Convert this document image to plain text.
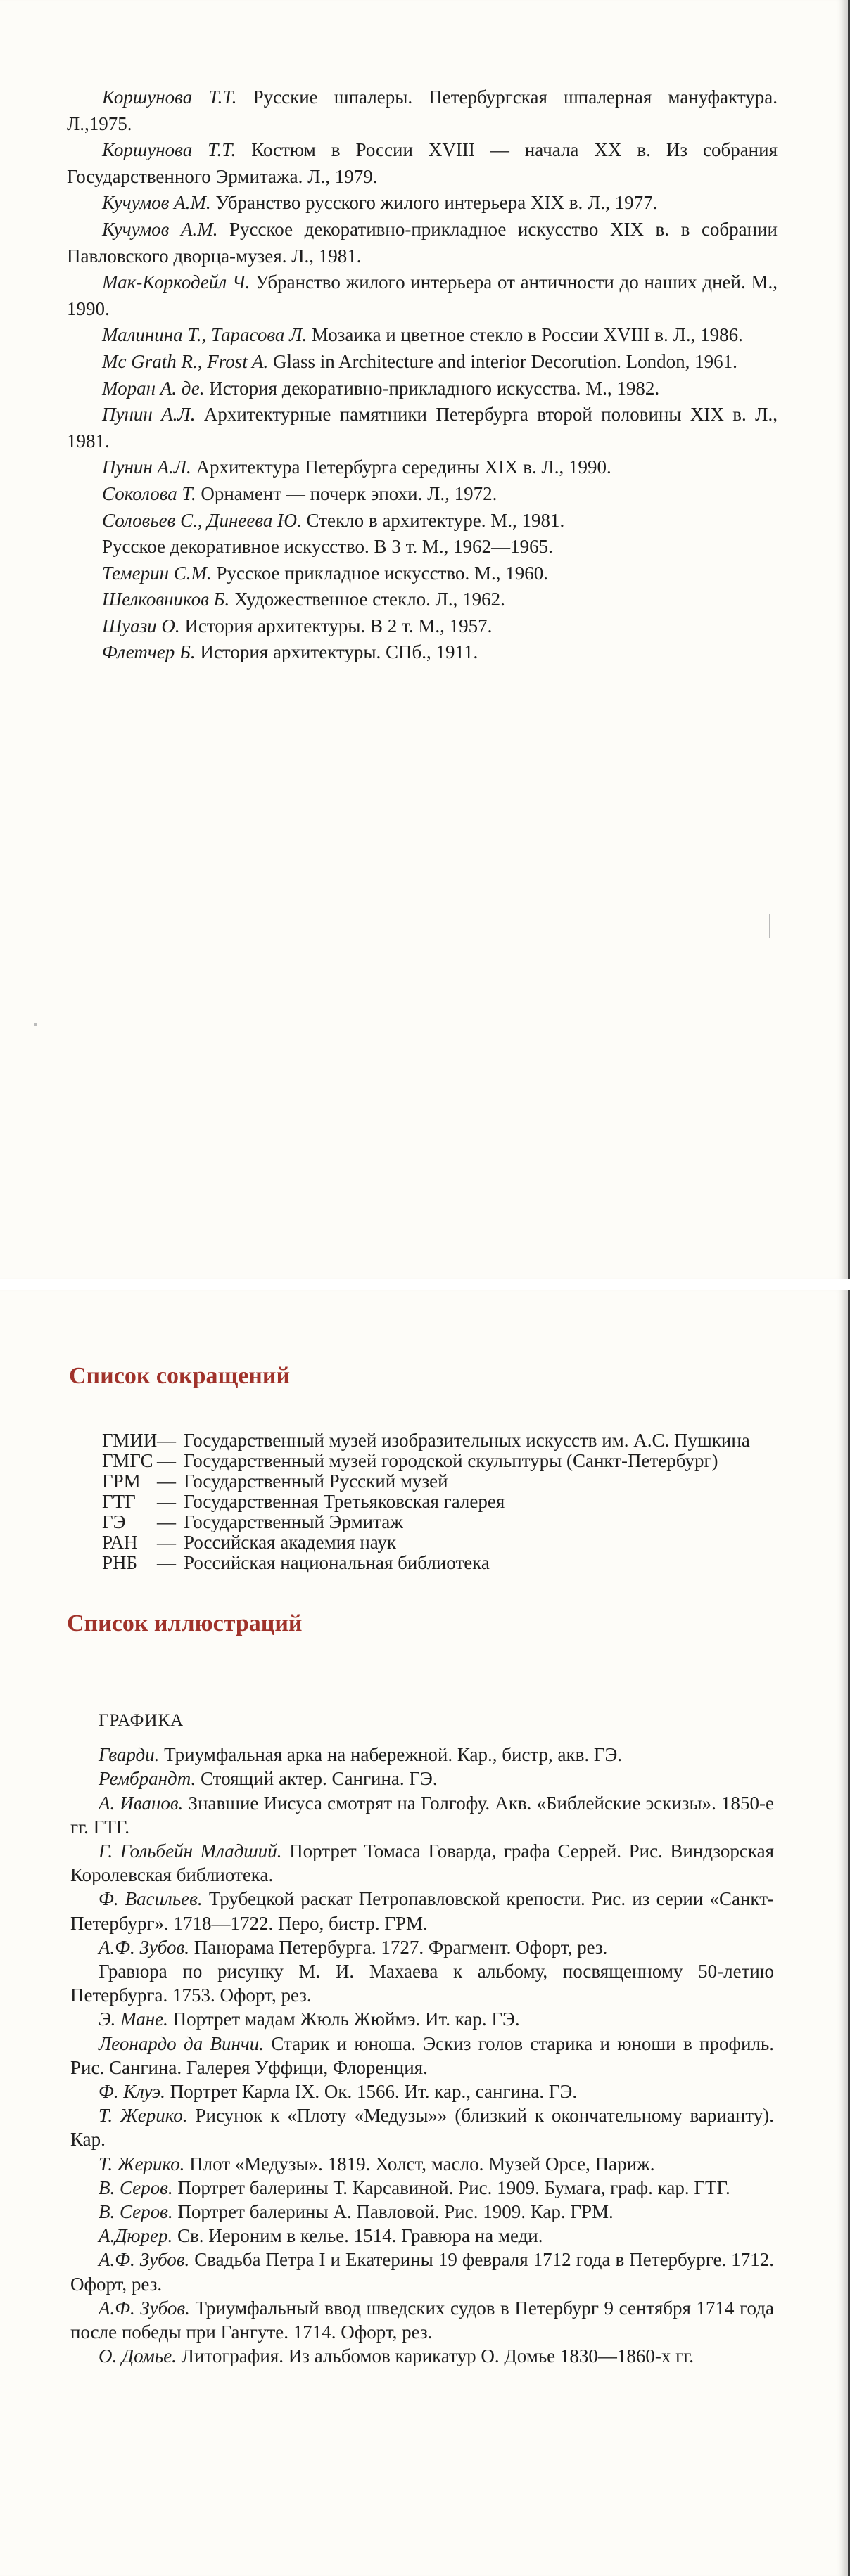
Коршунова Т.Т. Русские шпалеры. Петербургская шпалерная мануфактура. Л.,1975.
Коршунова Т.Т. Костюм в России XVIII — начала XX в. Из собрания Государственного Эрмитажа. Л., 1979.
Кучумов А.М. Убранство русского жилого интерьера XIX в. Л., 1977.
Кучумов А.М. Русское декоративно-прикладное искусство XIX в. в собрании Павловского дворца-музея. Л., 1981.
Мак-Коркодейл Ч. Убранство жилого интерьера от античности до наших дней. М., 1990.
Малинина Т., Тарасова Л. Мозаика и цветное стекло в России XVIII в. Л., 1986.
Mc Grath R., Frost A. Glass in Architecture and interior Decorution. London, 1961.
Моран А. де. История декоративно-прикладного искусства. М., 1982.
Пунин А.Л. Архитектурные памятники Петербурга второй половины XIX в. Л., 1981.
Пунин А.Л. Архитектура Петербурга середины XIX в. Л., 1990.
Соколова Т. Орнамент — почерк эпохи. Л., 1972.
Соловьев С., Динеева Ю. Стекло в архитектуре. М., 1981.
Русское декоративное искусство. В 3 т. М., 1962—1965.
Темерин С.М. Русское прикладное искусство. М., 1960.
Шелковников Б. Художественное стекло. Л., 1962.
Шуази О. История архитектуры. В 2 т. М., 1957.
Флетчер Б. История архитектуры. СПб., 1911.
Список сокращений
ГМИИ — Государственный музей изобразительных искусств им. А.С. Пушкина
ГМГС — Государственный музей городской скульптуры (Санкт-Петербург)
ГРМ — Государственный Русский музей
ГТГ	— Государственная Третьяковская галерея
ГЭ	— Государственный Эрмитаж
РАН	— Российская академия наук
РНБ	— Российская национальная библиотека
Список иллюстраций
ГРАФИКА
Гварди. Триумфальная арка на набережной. Кар., бистр, акв. ГЭ.
Рембрандт. Стоящий актер. Сангина. ГЭ.
А. Иванов. Знавшие Иисуса смотрят на Голгофу. Акв. «Библейские эскизы». 1850-е гг. ГТГ.
Г. Гольбейн Младший. Портрет Томаса Говарда, графа Серрей. Рис. Виндзорская Королевская библиотека.
Ф. Васильев. Трубецкой раскат Петропавловской крепости. Рис. из серии «Санкт-Петербург». 1718—1722. Перо, бистр. ГРМ.
А.Ф. Зубов. Панорама Петербурга. 1727. Фрагмент. Офорт, рез.
Гравюра по рисунку М. И. Махаева к альбому, посвященному 50-летию Петербурга. 1753. Офорт, рез.
Э. Мане. Портрет мадам Жюль Жюймэ. Ит. кар. ГЭ.
Леонардо да Винчи. Старик и юноша. Эскиз голов старика и юноши в профиль. Рис. Сангина. Галерея Уффици, Флоренция.
Ф. Клуэ. Портрет Карла IX. Ок. 1566. Ит. кар., сангина. ГЭ.
Т. Жерико. Рисунок к «Плоту «Медузы»» (близкий к окончательному варианту). Кар.
Т. Жерико. Плот «Медузы». 1819. Холст, масло. Музей Орсе, Париж.
В. Серов. Портрет балерины Т. Карсавиной. Рис. 1909. Бумага, граф. кар. ГТГ.
В. Серов. Портрет балерины А. Павловой. Рис. 1909. Кар. ГРМ.
А.Дюрер. Св. Иероним в келье. 1514. Гравюра на меди.
А.Ф. Зубов. Свадьба Петра I и Екатерины 19 февраля 1712 года в Петербурге. 1712. Офорт, рез.
А.Ф. Зубов. Триумфальный ввод шведских судов в Петербург 9 сентября 1714 года после победы при Гангуте. 1714. Офорт, рез.
О. Домье. Литография. Из альбомов карикатур О. Домье 1830—1860-х гг.
